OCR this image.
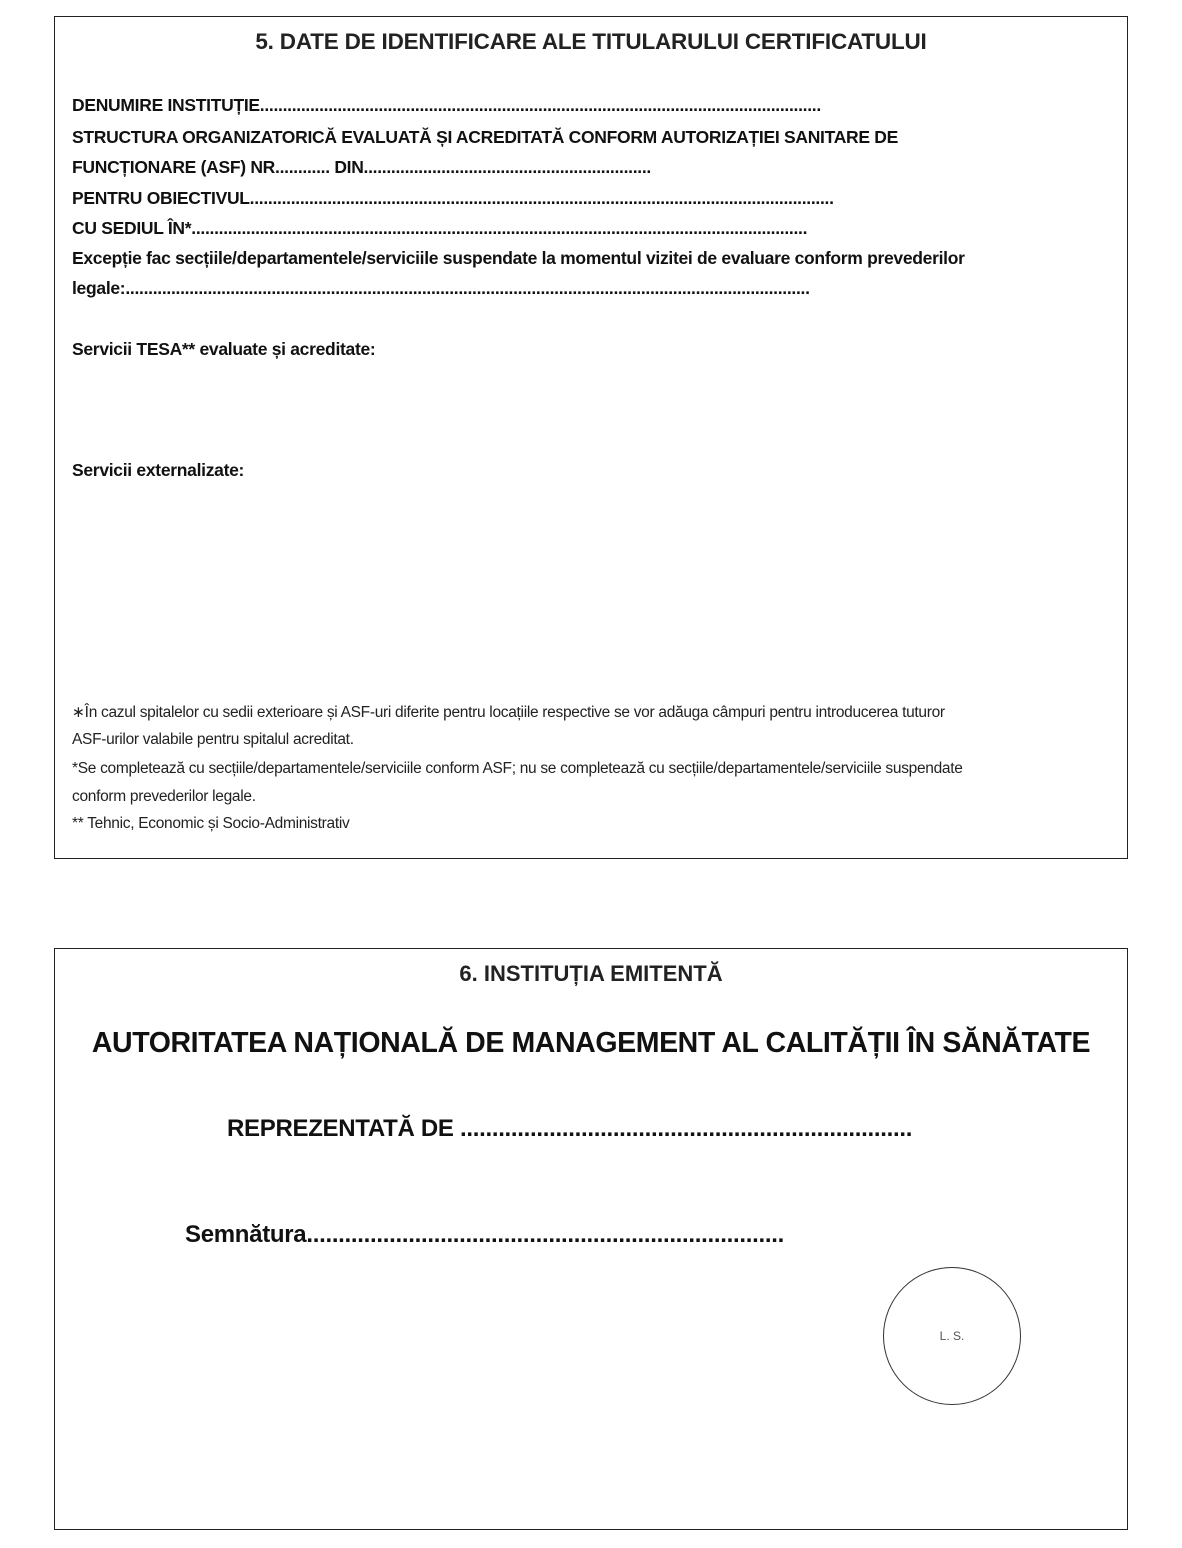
5. DATE DE IDENTIFICARE ALE TITULARULUI CERTIFICATULUI
DENUMIRE INSTITUȚIE...........................................................................................................................
STRUCTURA ORGANIZATORICĂ EVALUATĂ ȘI ACREDITATĂ CONFORM AUTORIZAȚIEI SANITARE DE
FUNCȚIONARE (ASF) NR............ DIN...............................................................
PENTRU OBIECTIVUL................................................................................................................................
CU SEDIUL ÎN*.......................................................................................................................................
Excepție fac secțiile/departamentele/serviciile suspendate la momentul vizitei de evaluare conform prevederilor
legale:......................................................................................................................................................
Servicii TESA** evaluate și acreditate:
Servicii externalizate:
∗În cazul spitalelor cu sedii exterioare și ASF-uri diferite pentru locațiile respective se vor adăuga câmpuri pentru introducerea tuturor
ASF-urilor valabile pentru spitalul acreditat.
*Se completează cu secțiile/departamentele/serviciile conform ASF; nu se completează cu secțiile/departamentele/serviciile suspendate
conform prevederilor legale.
** Tehnic, Economic și Socio-Administrativ
6. INSTITUȚIA EMITENTĂ
AUTORITATEA NAȚIONALĂ DE MANAGEMENT AL CALITĂȚII ÎN SĂNĂTATE
REPREZENTATĂ DE .......................................................................
Semnătura...........................................................................
L. S.
